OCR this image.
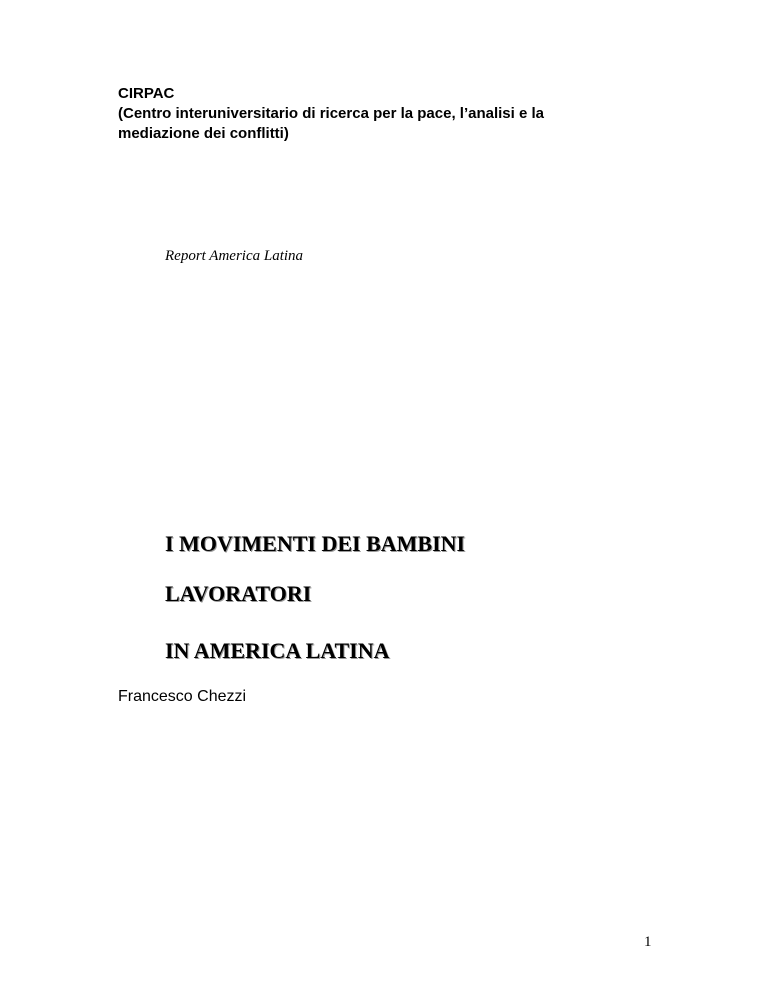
CIRPAC
(Centro interuniversitario di ricerca per la pace, l’analisi e la
mediazione dei conflitti)
Report America Latina
I MOVIMENTI DEI BAMBINI
LAVORATORI
IN AMERICA LATINA
Francesco Chezzi
1
